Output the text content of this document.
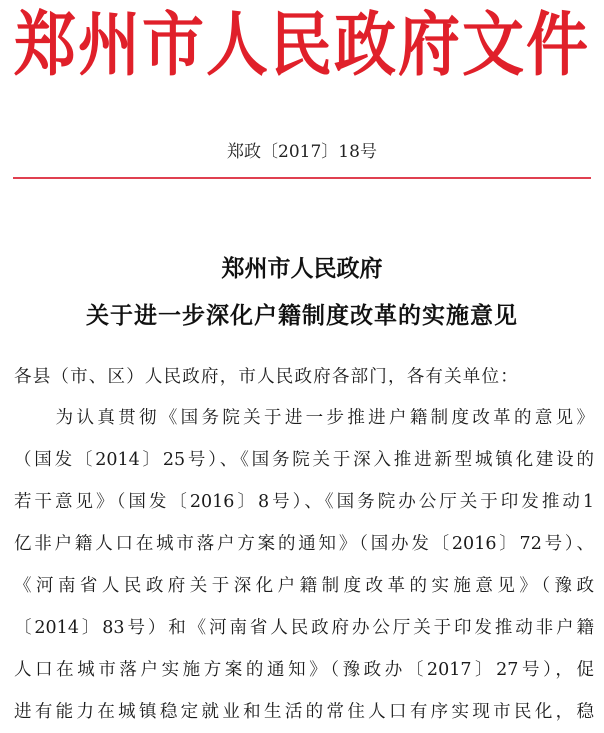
郑州市人民政府文件
郑政〔2017〕18号
郑州市人民政府
关于进一步深化户籍制度改革的实施意见
各县（市、区）人民政府，市人民政府各部门，各有关单位：
　　为认真贯彻《国务院关于进一步推进户籍制度改革的意见》
（国发〔2014〕25号）、《国务院关于深入推进新型城镇化建设的
若干意见》（国发〔2016〕8号）、《国务院办公厅关于印发推动1
亿非户籍人口在城市落户方案的通知》（国办发〔2016〕72号）、
《河南省人民政府关于深化户籍制度改革的实施意见》（豫政
〔2014〕83号）和《河南省人民政府办公厅关于印发推动非户籍
人口在城市落户实施方案的通知》（豫政办〔2017〕27号），促
进有能力在城镇稳定就业和生活的常住人口有序实现市民化，稳
